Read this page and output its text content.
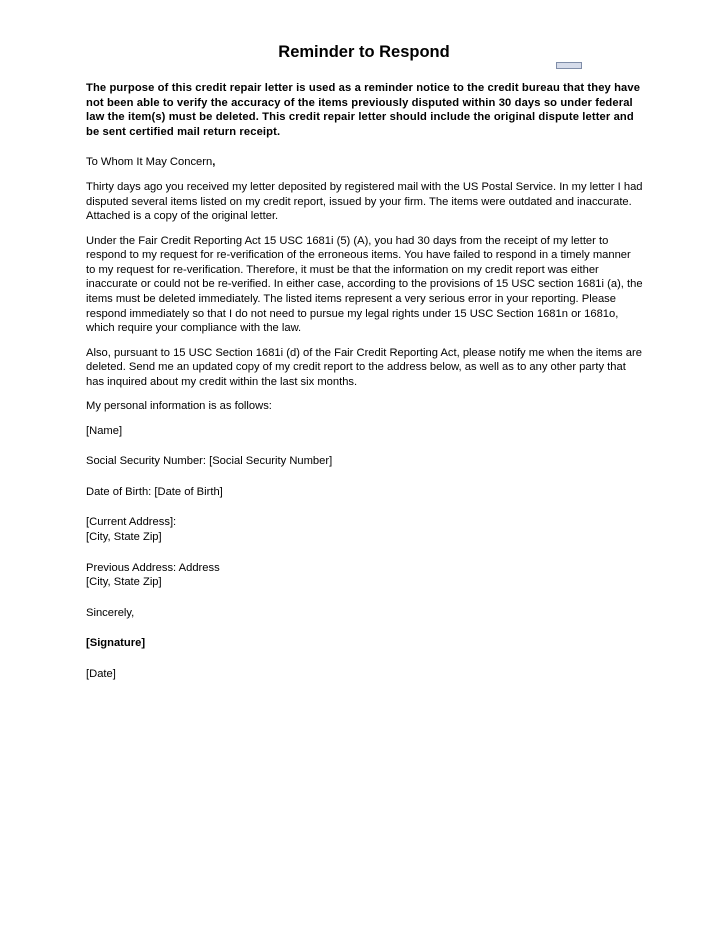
Reminder to Respond
The purpose of this credit repair letter is used as a reminder notice to the credit bureau that they have not been able to verify the accuracy of the items previously disputed within 30 days so under federal law the item(s) must be deleted. This credit repair letter should include the original dispute letter and be sent certified mail return receipt.
To Whom It May Concern,
Thirty days ago you received my letter deposited by registered mail with the US Postal Service. In my letter I had disputed several items listed on my credit report, issued by your firm. The items were outdated and inaccurate. Attached is a copy of the original letter.
Under the Fair Credit Reporting Act 15 USC 1681i (5) (A), you had 30 days from the receipt of my letter to respond to my request for re-verification of the erroneous items. You have failed to respond in a timely manner to my request for re-verification. Therefore, it must be that the information on my credit report was either inaccurate or could not be re-verified. In either case, according to the provisions of 15 USC section 1681i (a), the items must be deleted immediately. The listed items represent a very serious error in your reporting. Please respond immediately so that I do not need to pursue my legal rights under 15 USC Section 1681n or 1681o, which require your compliance with the law.
Also, pursuant to 15 USC Section 1681i (d) of the Fair Credit Reporting Act, please notify me when the items are deleted. Send me an updated copy of my credit report to the address below, as well as to any other party that has inquired about my credit within the last six months.
My personal information is as follows:
[Name]
Social Security Number: [Social Security Number]
Date of Birth: [Date of Birth]
[Current Address]:
[City, State Zip]
Previous Address: Address
[City, State Zip]
Sincerely,
[Signature]
[Date]
